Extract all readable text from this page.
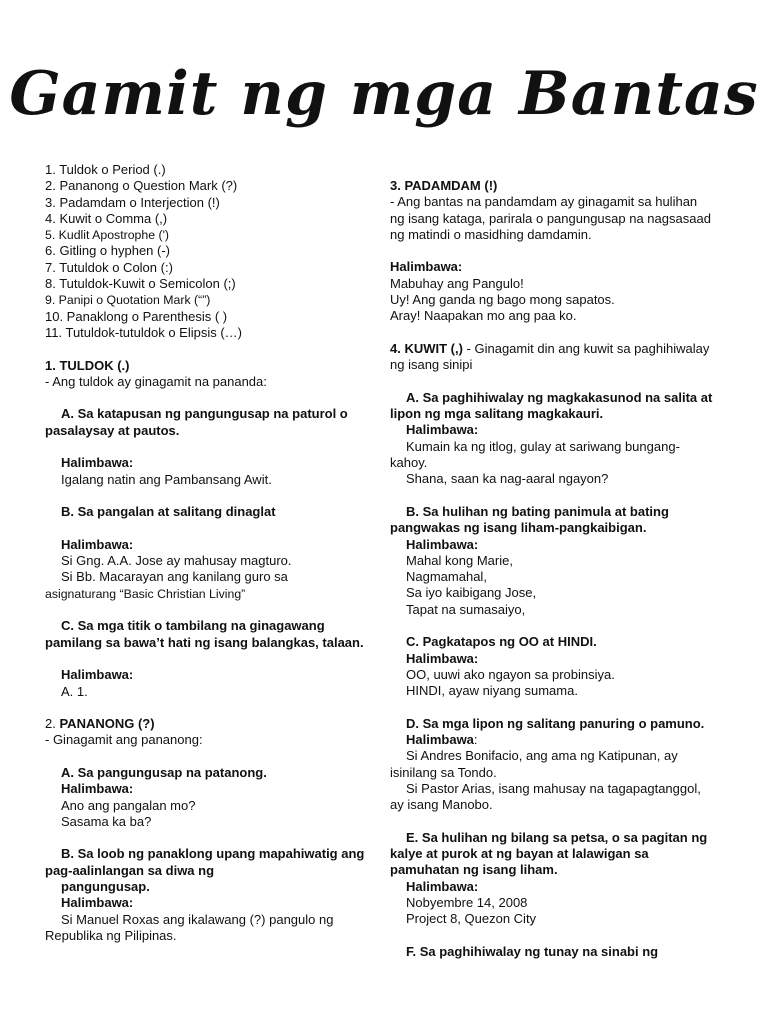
Gamit ng mga Bantas

1. Tuldok o Period (.)

2. Pananong o Question Mark (?)

3. Padamdam o Interjection (!)

4. Kuwit o Comma (,)

5. Kudlit Apostrophe (')

6. Gitling o hyphen (-)

7. Tutuldok o Colon (:)

8. Tutuldok-Kuwit o Semicolon (;)

9. Panipi o Quotation Mark (“”)

10. Panaklong o Parenthesis ( )

11. Tutuldok-tutuldok o Elipsis (…)

1. TULDOK (.)

- Ang tuldok ay ginagamit na pananda:

A. Sa katapusan ng pangungusap na paturol o pasalaysay at pautos.

Halimbawa:

Igalang natin ang Pambansang Awit.

B. Sa pangalan at salitang dinaglat

Halimbawa:

Si Gng. A.A. Jose ay mahusay magturo.

Si Bb. Macarayan ang kanilang guro sa

asignaturang “Basic Christian Living”

C. Sa mga titik o tambilang na ginagawang pamilang sa bawa’t hati ng isang balangkas, talaan.

Halimbawa:

A. 1.

2. PANANONG (?)

- Ginagamit ang pananong:

A. Sa pangungusap na patanong.

Halimbawa:

Ano ang pangalan mo?

Sasama ka ba?

B. Sa loob ng panaklong upang mapahiwatig ang pag-aalinlangan sa diwa ng

pangungusap.

Halimbawa:

Si Manuel Roxas ang ikalawang (?) pangulo ng

Republika ng Pilipinas.

3. PADAMDAM (!)

- Ang bantas na pandamdam ay ginagamit sa hulihan ng isang kataga, parirala o pangungusap na nagsasaad ng matindi o masidhing damdamin.

Halimbawa:

Mabuhay ang Pangulo!

Uy! Ang ganda ng bago mong sapatos.

Aray! Naapakan mo ang paa ko.

4. KUWIT (,) - Ginagamit din ang kuwit sa paghihiwalay ng isang sinipi

A. Sa paghihiwalay ng magkakasunod na salita at lipon ng mga salitang magkakauri.

Halimbawa:

Kumain ka ng itlog, gulay at sariwang bungang-

kahoy.

Shana, saan ka nag-aaral ngayon?

B. Sa hulihan ng bating panimula at bating pangwakas ng isang liham-pangkaibigan.

Halimbawa:

Mahal kong Marie,

Nagmamahal,

Sa iyo kaibigang Jose,

Tapat na sumasaiyo,

C. Pagkatapos ng OO at HINDI.

Halimbawa:

OO, uuwi ako ngayon sa probinsiya.

HINDI, ayaw niyang sumama.

D. Sa mga lipon ng salitang panuring o pamuno.

Halimbawa:

Si Andres Bonifacio, ang ama ng Katipunan, ay

isinilang sa Tondo.

Si Pastor Arias, isang mahusay na tagapagtanggol,

ay isang Manobo.

E. Sa hulihan ng bilang sa petsa, o sa pagitan ng kalye at purok at ng bayan at lalawigan sa pamuhatan ng isang liham.

Halimbawa:

Nobyembre 14, 2008

Project 8, Quezon City

F. Sa paghihiwalay ng tunay na sinabi ng
